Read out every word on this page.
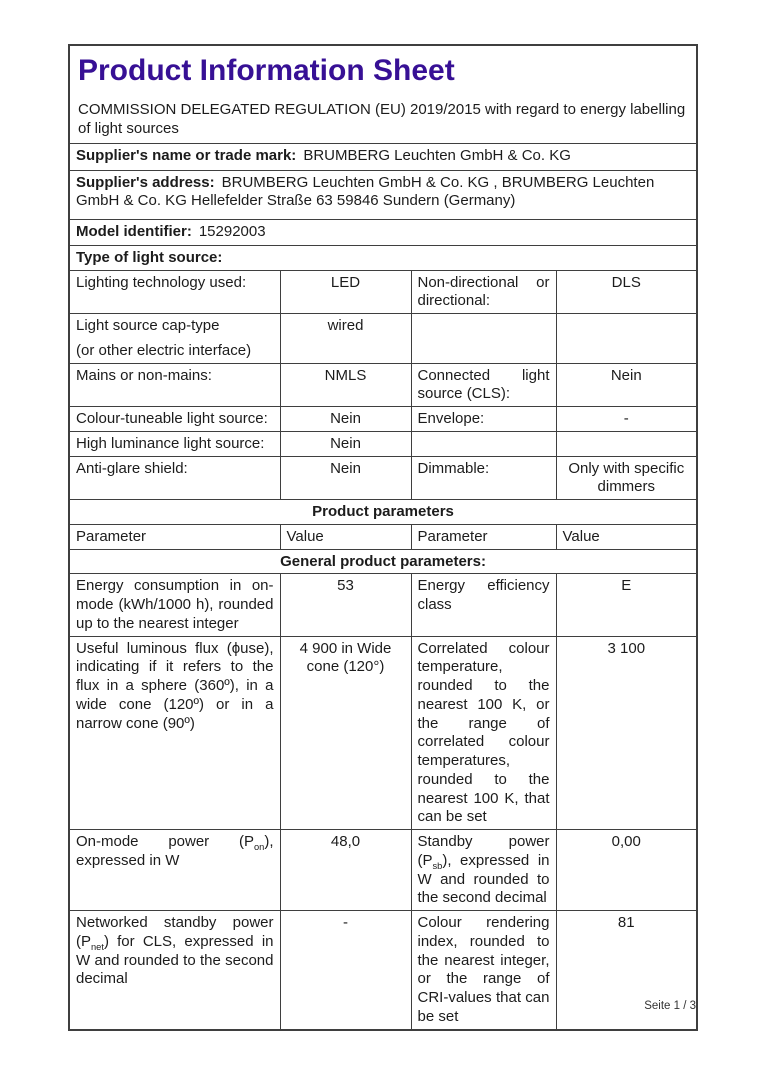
Product Information Sheet
COMMISSION DELEGATED REGULATION (EU) 2019/2015 with regard to energy labelling of light sources			

Supplier's name or trade mark: BRUMBERG Leuchten GmbH & Co. KG			
Supplier's address: BRUMBERG Leuchten GmbH & Co. KG , BRUMBERG Leuchten GmbH & Co. KG Hellefelder Straße 63 59846 Sundern (Germany)			
Model identifier: 15292003			
Type of light source:			
Lighting technology used:	LED	Non-directional or directional:	DLS
Light source cap-type
(or other electric interface)	wired		
Mains or non-mains:	NMLS	Connected light source (CLS):	Nein
Colour-tuneable light source:	Nein	Envelope:	-
High luminance light source:	Nein		
Anti-glare shield:	Nein	Dimmable:	Only with specific dimmers
Product parameters			
Parameter	Value	Parameter	Value
General product parameters:			
Energy consumption in on-mode (kWh/1000 h), rounded up to the nearest integer	53	Energy efficiency class	E
Useful luminous flux (ϕuse), indicating if it refers to the flux in a sphere (360º), in a wide cone (120º) or in a narrow cone (90º)	4 900 in Wide cone (120°)	Correlated colour temperature, rounded to the nearest 100 K, or the range of correlated colour temperatures, rounded to the nearest 100 K, that can be set	3 100
On-mode power $(P_{on})$, expressed in W	48,0	Standby power $(P_{sb})$, expressed in W and rounded to the second decimal	0,00
Networked standby power $(P_{net})$ for CLS, expressed in W and rounded to the second decimal	-	Colour rendering index, rounded to the nearest integer, or the range of CRI-values that can be set	81
Seite 1 / 3
